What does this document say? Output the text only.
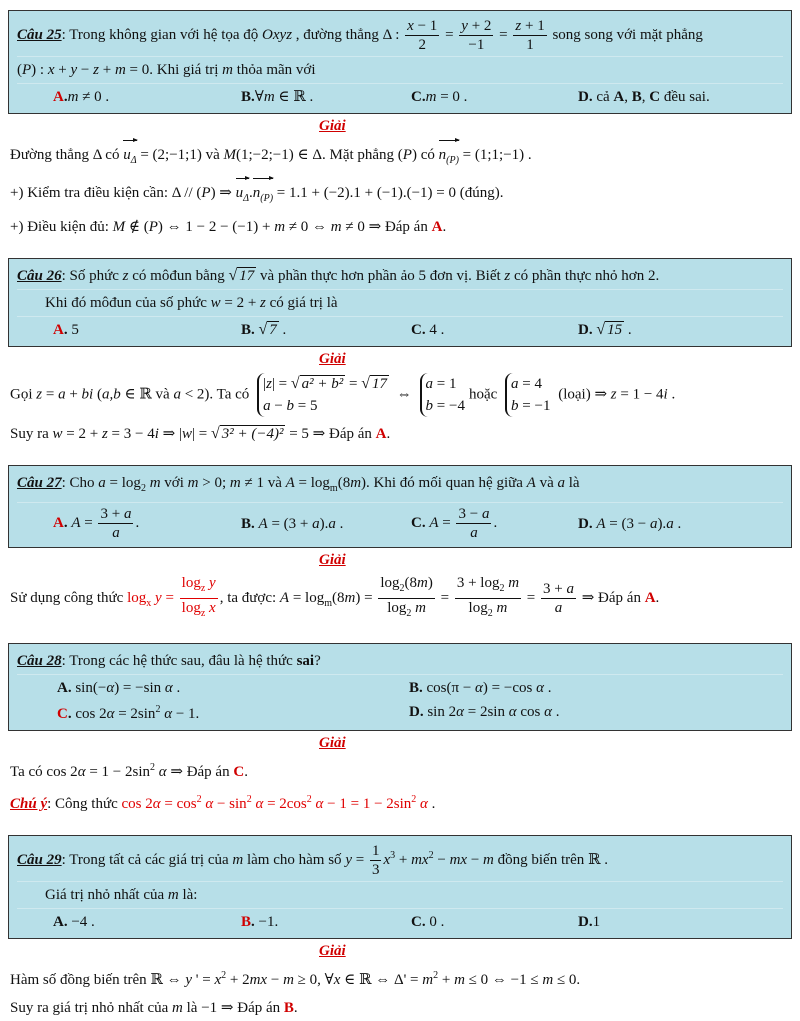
Câu 25: Trong không gian với hệ tọa độ Oxyz , đường thẳng Δ : $\frac{x - 1}{2} = \frac{y + 2}{-1} = \frac{z + 1}{1}$ song song với mặt phẳng
(P) : x + y − z + m = 0. Khi giá trị m thỏa mãn với
A.m ≠ 0 .	B.∀m ∈ ℝ .	C.m = 0 .	D. cả A, B, C đều sai.
Giải
Đường thẳng Δ có
$u_\Delta$ = (2;−1;1) và M(1;−2;−1) ∈ Δ. Mặt phẳng (P) có
$n_{(P)}$ = (1;1;−1) .
+) Kiểm tra điều kiện cần: Δ // (P) ⇒
$u_\Delta$.
$n_{(P)} = 1.1 + (-2).1 + (-1).(-1) = 0$ (đúng).
+) Điều kiện đủ: M ∉ (P) ⇔ 1 − 2 − (−1) + m ≠ 0 ⇔ m ≠ 0 ⇒ Đáp án A.
Câu 26: Số phức z có môđun bằng √ 17 và phần thực hơn phần ảo 5 đơn vị. Biết z có phần thực nhỏ hơn 2.
Khi đó môđun của số phức w = 2 + z có giá trị là
A. 5	B. √ 7 .	C. 4 .	D. √ 15 .
Giải
Gọi z = a + bi (a,b ∈ ℝ và a < 2). Ta có
|z| = √ a² + b² = √ 17
a − b = 5
⇔
a = 1
b = −4
hoặc
a = 4
b = −1
(loại) ⇒ z = 1 − 4i .
Suy ra w = 2 + z = 3 − 4i ⇒ |w| = √ 3² + (−4)² = 5 ⇒ Đáp án A.
Câu 27: Cho $a = \log_2 m$ với m > 0; m ≠ 1 và $A = \log_m(8m)$. Khi đó mối quan hệ giữa A và a là
A. $A = \frac{3 + a}{a}$ .	B. A = (3 + a).a .	C. $A = \frac{3 - a}{a}$ .	D. A = (3 − a).a .
Giải
Sử dụng công thức $\log_x y = \frac{\log_z y}{\log_z x}$ , ta được: $A = \log_m(8m) = \frac{\log_2(8m)}{\log_2 m} = \frac{3 + \log_2 m}{\log_2 m} = \frac{3 + a}{a}$ ⇒ Đáp án A.
Câu 28: Trong các hệ thức sau, đâu là hệ thức sai?
A. sin(−α) = −sin α .	B. cos(π − α) = −cos α .
C. $\cos 2\alpha = 2\sin^2$ α − 1.	D. sin 2α = 2sin α cos α .
Giải
Ta có $\cos 2\alpha = 1 - 2\sin^2$ α ⇒ Đáp án C.
Chú ý: Công thức $\cos 2\alpha = \cos^2 \alpha - \sin^2 \alpha = 2\cos^2$ $\alpha - 1 = 1 - 2\sin^2$ α .
Câu 29: Trong tất cả các giá trị của m làm cho hàm số $y = \frac{1}{3} x^3 + mx^2$ − mx − m đồng biến trên ℝ .
Giá trị nhỏ nhất của m là:
A. −4 .	B. −1.	C. 0 .	D.1
Giải
Hàm số đồng biến trên ℝ ⇔ y ' = $x^2 + 2mx - m \ge 0$, ∀x ∈ ℝ ⇔ $\Delta' = m^2 + m \le 0$ ⇔ −1 ≤ m ≤ 0.
Suy ra giá trị nhỏ nhất của m là −1 ⇒ Đáp án B.
